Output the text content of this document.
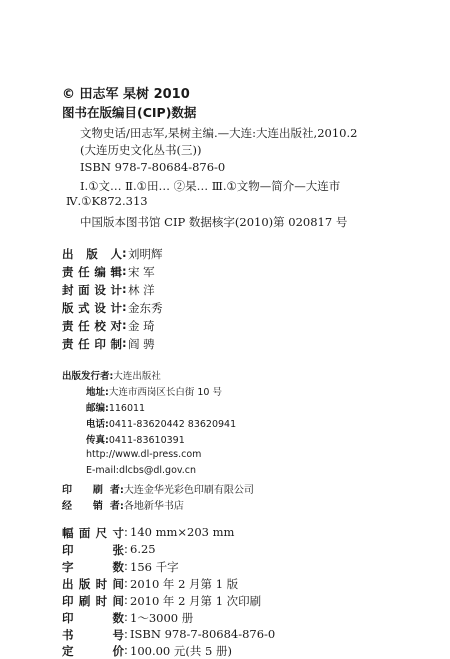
© 田志军 杲树 2010
图书在版编目(CIP)数据
文物史话/田志军,杲树主编.—大连:大连出版社,2010.2
(大连历史文化丛书(三))
ISBN 978-7-80684-876-0
Ⅰ.①文… Ⅱ.①田… ②杲… Ⅲ.①文物—简介—大连市
Ⅳ.①K872.313
中国版本图书馆 CIP 数据核字(2010)第 020817 号
出版人 : 刘明辉
责任编辑 : 宋 军
封面设计 : 林 洋
版式设计 : 金东秀
责任校对 : 金 琦
责任印制 : 阎 骋
出版发行者:大连出版社
地址:大连市西岗区长白街 10 号
邮编:116011
电话:0411-83620442 83620941
传真:0411-83610391
http://www.dl-press.com
E-mail:dlcbs@dl.gov.cn
印      刷  者:大连金华光彩色印刷有限公司
经      销  者:各地新华书店
幅面尺寸 : 140 mm×203 mm
印张 : 6.25
字数 : 156 千字
出版时间 : 2010 年 2 月第 1 版
印刷时间 : 2010 年 2 月第 1 次印刷
印数 : 1～3000 册
书号 : ISBN 978-7-80684-876-0
定价 : 100.00 元(共 5 册)
